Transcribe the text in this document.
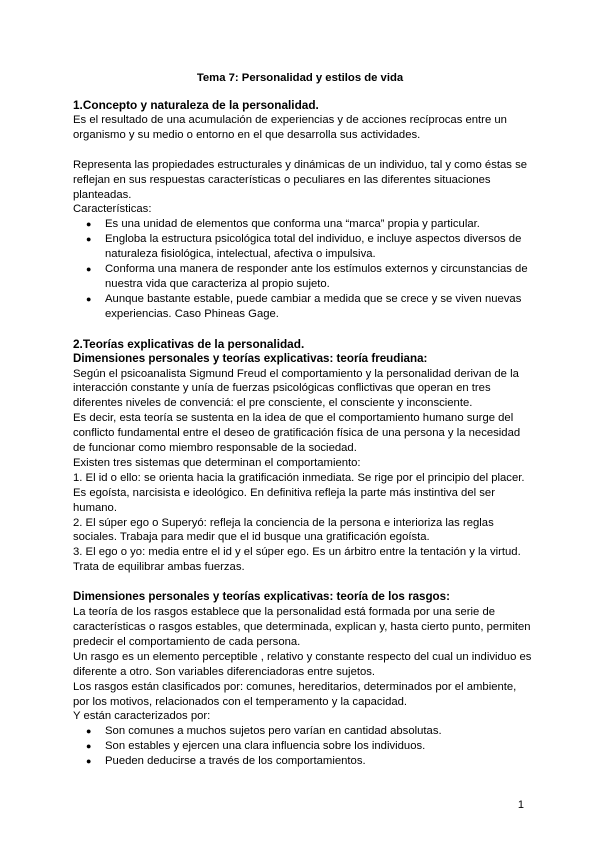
Tema 7: Personalidad y estilos de vida

1.Concepto y naturaleza de la personalidad.

Es el resultado de una acumulación de experiencias y de acciones recíprocas entre un organismo y su medio o entorno en el que desarrolla sus actividades.

Representa las propiedades estructurales y dinámicas de un individuo, tal y como éstas se reflejan en sus respuestas características o peculiares en las diferentes situaciones planteadas.

Características:

● Es una unidad de elementos que conforma una “marca” propia y particular.
● Engloba la estructura psicológica total del individuo, e incluye aspectos diversos de naturaleza fisiológica, intelectual, afectiva o impulsiva.
● Conforma una manera de responder ante los estímulos externos y circunstancias de nuestra vida que caracteriza al propio sujeto.
● Aunque bastante estable, puede cambiar a medida que se crece y se viven nuevas experiencias. Caso Phineas Gage.

2.Teorías explicativas de la personalidad.

Dimensiones personales y teorías explicativas: teoría freudiana:

Según el psicoanalista Sigmund Freud el comportamiento y la personalidad derivan de la interacción constante y unía de fuerzas psicológicas conflictivas que operan en tres diferentes niveles de convenciá: el pre consciente, el consciente y inconsciente.

Es decir, esta teoría se sustenta en la idea de que el comportamiento humano surge del conflicto fundamental entre el deseo de gratificación física de una persona y la necesidad de funcionar como miembro responsable de la sociedad.

Existen tres sistemas que determinan el comportamiento:

1. El id o ello: se orienta hacia la gratificación inmediata. Se rige por el principio del placer. Es egoísta, narcisista e ideológico. En definitiva refleja la parte más instintiva del ser humano.

2. El súper ego o Superyó: refleja la conciencia de la persona e interioriza las reglas sociales. Trabaja para medir que el id busque una gratificación egoísta.

3. El ego o yo: media entre el id y el súper ego. Es un árbitro entre la tentación y la virtud. Trata de equilibrar ambas fuerzas.

Dimensiones personales y teorías explicativas: teoría de los rasgos:

La teoría de los rasgos establece que la personalidad está formada por una serie de características o rasgos estables, que determinada, explican y, hasta cierto punto, permiten predecir el comportamiento de cada persona.

Un rasgo es un elemento perceptible , relativo y constante respecto del cual un individuo es diferente a otro. Son variables diferenciadoras entre sujetos.

Los rasgos están clasificados por: comunes, hereditarios, determinados por el ambiente, por los motivos, relacionados con el temperamento y la capacidad.

Y están caracterizados por:

● Son comunes a muchos sujetos pero varían en cantidad absolutas.
● Son estables y ejercen una clara influencia sobre los individuos.
● Pueden deducirse a través de los comportamientos.
1
